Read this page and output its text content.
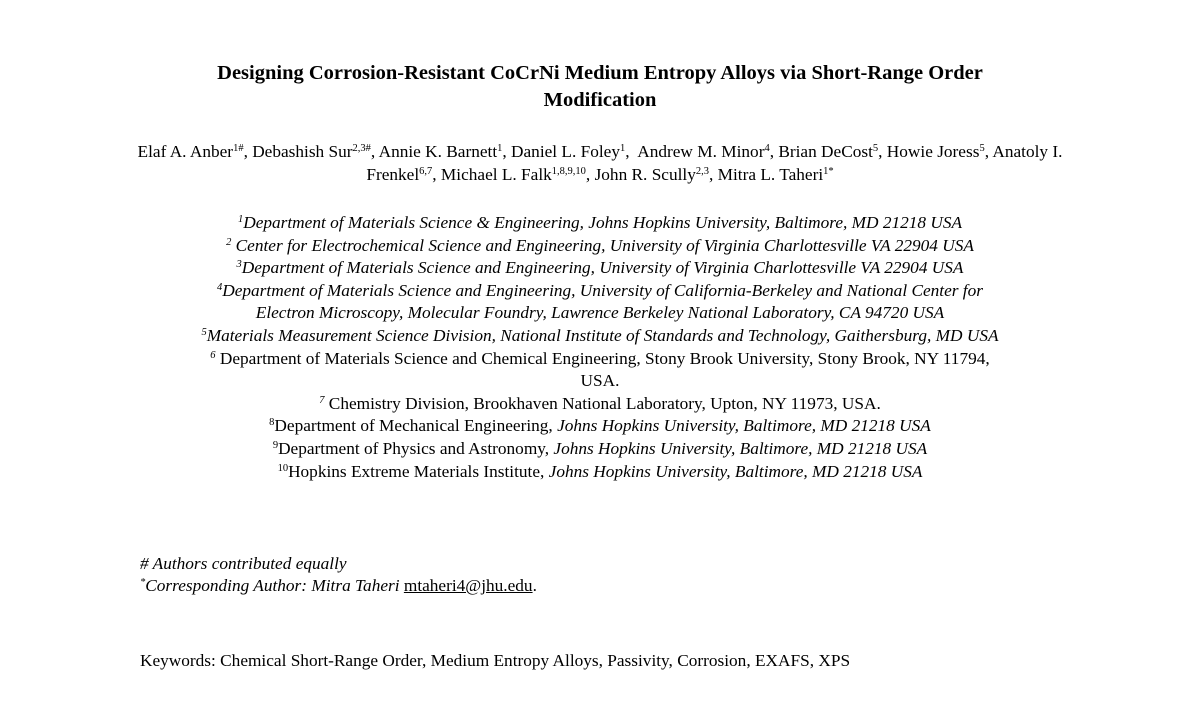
Designing Corrosion-Resistant CoCrNi Medium Entropy Alloys via Short-Range Order
Modification
Elaf A. Anber$^{1\#}$, Debashish Sur$^{2,3\#}$, Annie K. Barnett$^1$, Daniel L. Foley$^1$,  Andrew M. Minor$^4$, Brian DeCost$^5$, Howie Joress$^5$, Anatoly I. Frenkel$^{6,7}$, Michael L. Falk$^{1,8,9,10}$, John R. Scully$^{2,3}$, Mitra L. Taheri$^{1*}$
$^1$Department of Materials Science & Engineering, Johns Hopkins University, Baltimore, MD 21218 USA
$^2$ Center for Electrochemical Science and Engineering, University of Virginia Charlottesville VA 22904 USA
$^3$Department of Materials Science and Engineering, University of Virginia Charlottesville VA 22904 USA
$^4$Department of Materials Science and Engineering, University of California-Berkeley and National Center for
Electron Microscopy, Molecular Foundry, Lawrence Berkeley National Laboratory, CA 94720 USA
$^5$Materials Measurement Science Division, National Institute of Standards and Technology, Gaithersburg, MD USA
$^6$ Department of Materials Science and Chemical Engineering, Stony Brook University, Stony Brook, NY 11794,
USA.
$^7$ Chemistry Division, Brookhaven National Laboratory, Upton, NY 11973, USA.
$^8$Department of Mechanical Engineering, Johns Hopkins University, Baltimore, MD 21218 USA
$^9$Department of Physics and Astronomy, Johns Hopkins University, Baltimore, MD 21218 USA
$^{10}$Hopkins Extreme Materials Institute, Johns Hopkins University, Baltimore, MD 21218 USA
# Authors contributed equally
*Corresponding Author: Mitra Taheri mtaheri4@jhu.edu.
Keywords: Chemical Short-Range Order, Medium Entropy Alloys, Passivity, Corrosion, EXAFS, XPS
